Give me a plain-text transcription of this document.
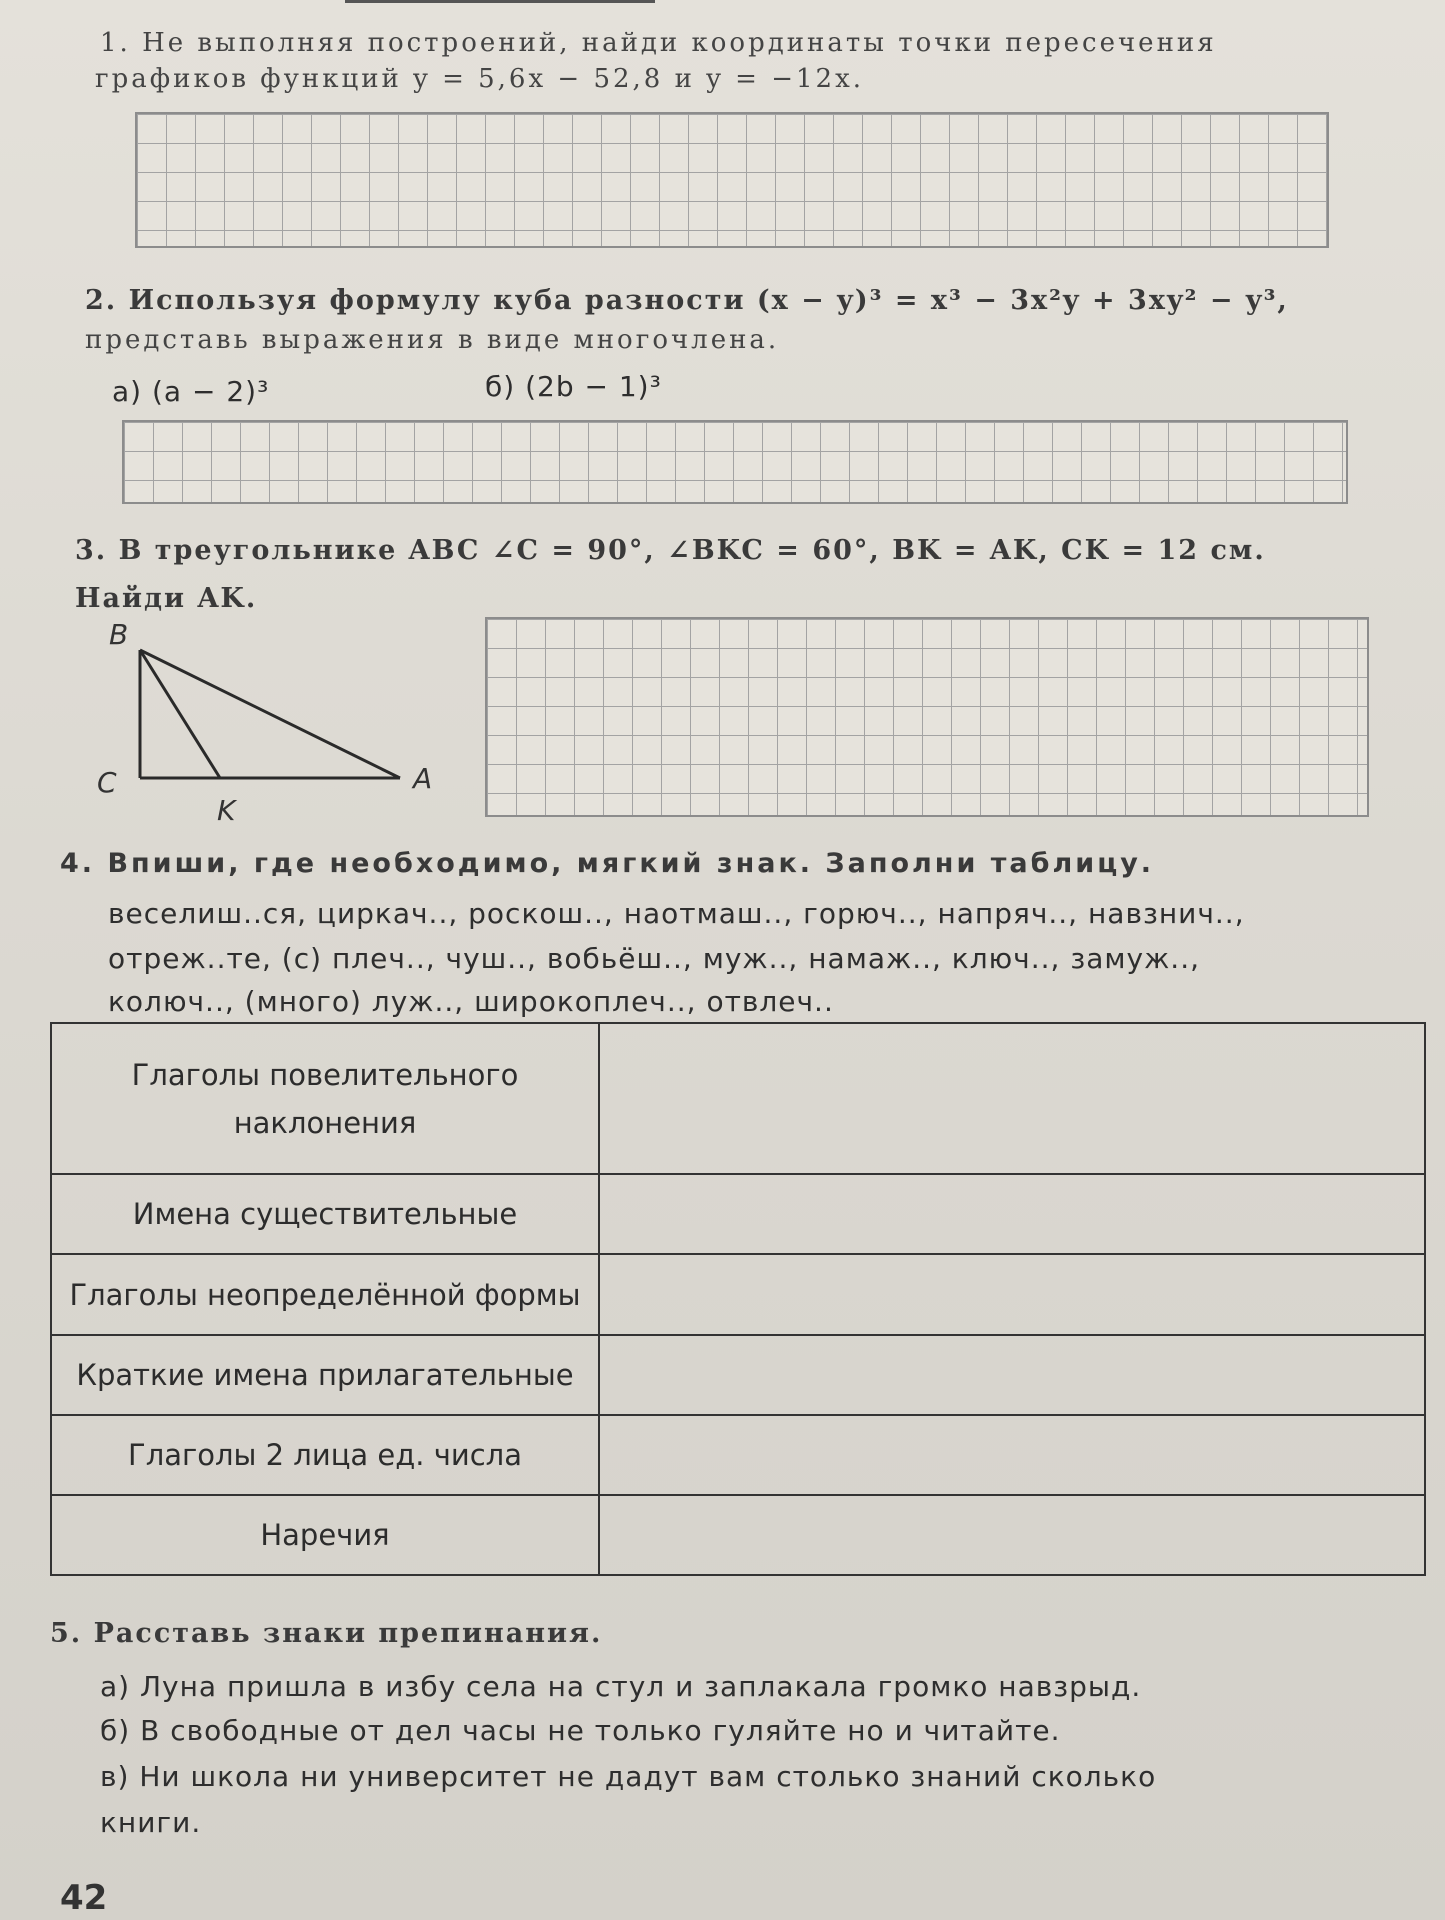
1. Не выполняя построений, найди координаты точки пересечения
графиков функций y = 5,6x − 52,8 и y = −12x.
2. Используя формулу куба разности (x − y)³ = x³ − 3x²y + 3xy² − y³,
представь выражения в виде многочлена.
а) (a − 2)³	б) (2b − 1)³
3. В треугольнике ABC ∠C = 90°, ∠BKC = 60°, BK = AK, CK = 12 см.
Найди AK.
B
C	A
K
4. Впиши, где необходимо, мягкий знак. Заполни таблицу.
веселиш..ся, циркач.., роскош.., наотмаш.., горюч.., напряч.., навзнич..,
отреж..те, (с) плеч.., чуш.., вобьёш.., муж.., намаж.., ключ.., замуж..,
колюч.., (много) луж.., широкоплеч.., отвлеч..
Глаголы повелительного наклонения	
Имена существительные	
Глаголы неопределённой формы	
Краткие имена прилагательные	
Глаголы 2 лица ед. числа	
Наречия	
5. Расставь знаки препинания.
а) Луна пришла в избу села на стул и заплакала громко навзрыд.
б) В свободные от дел часы не только гуляйте но и читайте.
в) Ни школа ни университет не дадут вам столько знаний сколько
книги.
42
